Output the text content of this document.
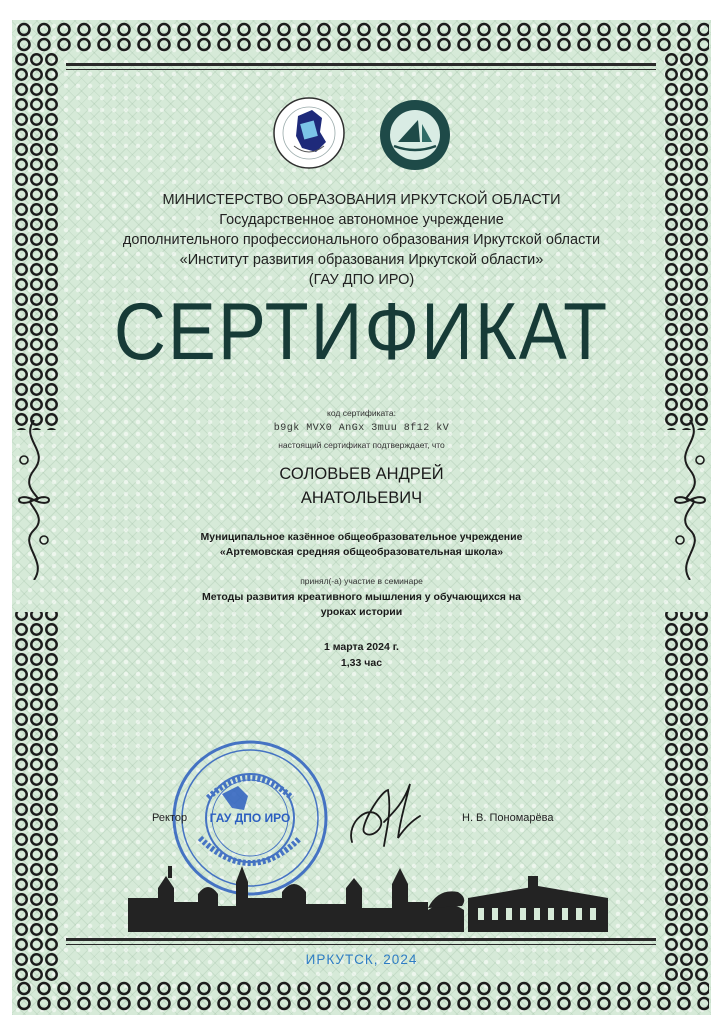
МИНИСТЕРСТВО ОБРАЗОВАНИЯ ИРКУТСКОЙ ОБЛАСТИ
Государственное автономное учреждение
дополнительного профессионального образования Иркутской области
«Институт развития образования Иркутской области»
(ГАУ ДПО ИРО)
СЕРТИФИКАТ
код сертификата:
b9gk MVX0 AnGx 3muu 8f12 kV
настоящий сертификат подтверждает, что
СОЛОВЬЕВ АНДРЕЙ
АНАТОЛЬЕВИЧ
Муниципальное казённое общеобразовательное учреждение
«Артемовская средняя общеобразовательная школа»
принял(-а) участие в семинаре
Методы развития креативного мышления у обучающихся на
уроках истории
1 марта 2024 г.
1,33 час
ГАУ ДПО ИРО
Ректор	Н. В. Пономарёва
ИРКУТСК, 2024
